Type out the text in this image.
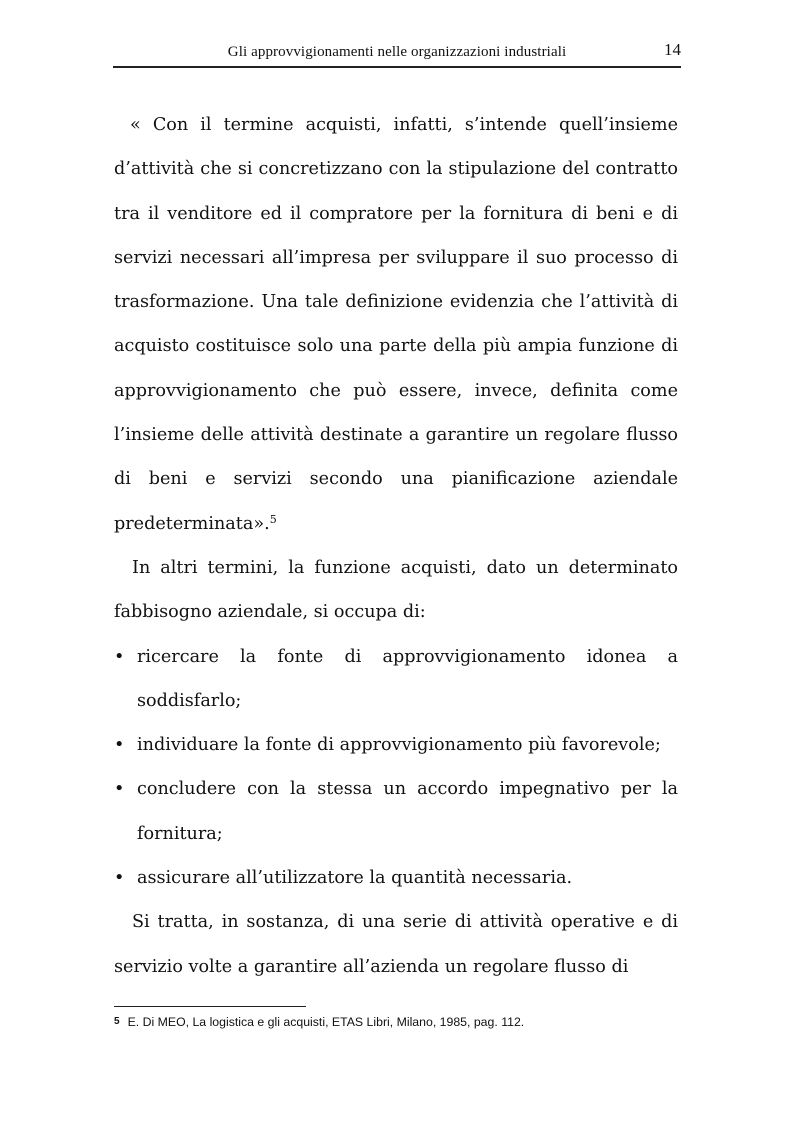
Gli approvvigionamenti nelle organizzazioni industriali	14

« Con il termine acquisti, infatti, s’intende quell’insieme d’attività che si concretizzano con la stipulazione del contratto tra il venditore ed il compratore per la fornitura di beni e di servizi necessari all’impresa per sviluppare il suo processo di trasformazione. Una tale definizione evidenzia che l’attività di acquisto costituisce solo una parte della più ampia funzione di approvvigionamento che può essere, invece, definita come l’insieme delle attività destinate a garantire un regolare flusso di beni e servizi secondo una pianificazione aziendale predeterminata».$^5$

In altri termini, la funzione acquisti, dato un determinato fabbisogno aziendale, si occupa di:

• ricercare la fonte di approvvigionamento idonea a soddisfarlo;
• individuare la fonte di approvvigionamento più favorevole;
• concludere con la stessa un accordo impegnativo per la fornitura;
• assicurare all’utilizzatore la quantità necessaria.

Si tratta, in sostanza, di una serie di attività operative e di servizio volte a garantire all’azienda un regolare flusso di

5 E. Di MEO, La logistica e gli acquisti, ETAS Libri, Milano, 1985, pag. 112.
